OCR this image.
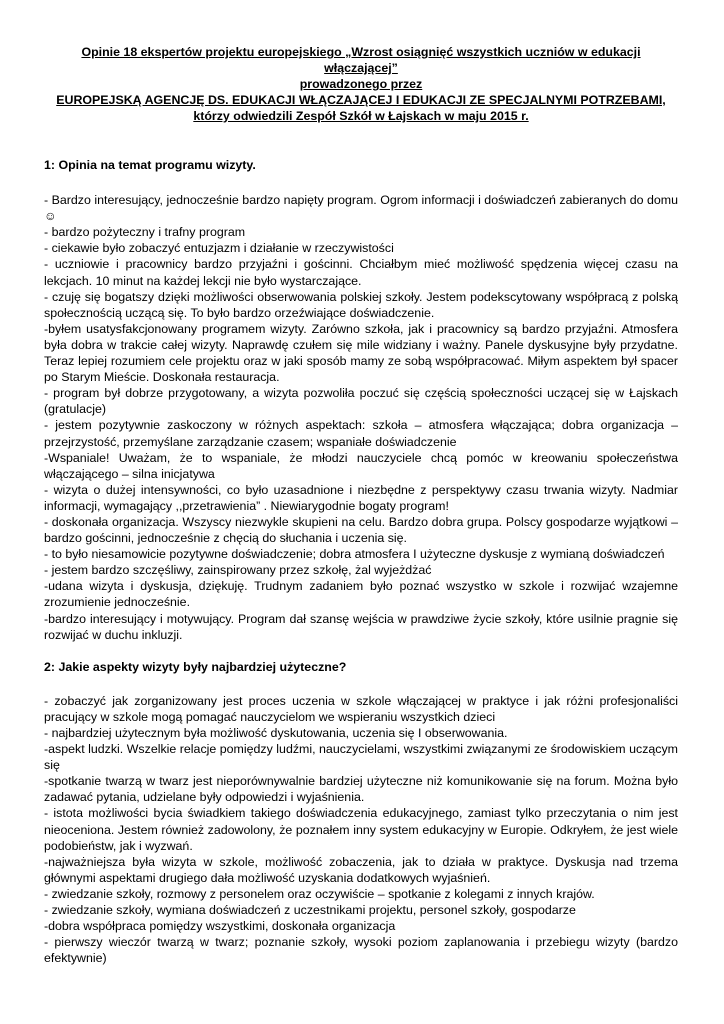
Opinie 18 ekspertów projektu europejskiego „Wzrost osiągnięć wszystkich uczniów w edukacji włączającej”
prowadzonego przez
EUROPEJSKĄ AGENCJĘ DS. EDUKACJI WŁĄCZAJĄCEJ I EDUKACJI ZE SPECJALNYMI POTRZEBAMI,
którzy odwiedzili Zespół Szkół w Łajskach w maju 2015 r.
1: Opinia na temat programu wizyty.

- Bardzo interesujący, jednocześnie bardzo napięty program. Ogrom informacji i doświadczeń zabieranych do domu ☺

- bardzo pożyteczny i trafny program

- ciekawie było zobaczyć entuzjazm i działanie w rzeczywistości

- uczniowie i pracownicy bardzo przyjaźni i gościnni. Chciałbym mieć możliwość spędzenia więcej czasu na lekcjach. 10 minut na każdej lekcji nie było wystarczające.

- czuję się bogatszy dzięki możliwości obserwowania polskiej szkoły. Jestem podekscytowany współpracą z polską społecznością uczącą się. To było bardzo orzeźwiające doświadczenie.

-byłem usatysfakcjonowany programem wizyty. Zarówno szkoła, jak i pracownicy są bardzo przyjaźni. Atmosfera była dobra w trakcie całej wizyty. Naprawdę czułem się mile widziany i ważny. Panele dyskusyjne były przydatne. Teraz lepiej rozumiem cele projektu oraz w jaki sposób mamy ze sobą współpracować. Miłym aspektem był spacer po Starym Mieście. Doskonała restauracja.

- program był dobrze przygotowany, a wizyta pozwoliła poczuć się częścią społeczności uczącej się w Łajskach (gratulacje)

- jestem pozytywnie zaskoczony w różnych aspektach: szkoła – atmosfera włączająca; dobra organizacja – przejrzystość, przemyślane zarządzanie czasem; wspaniałe doświadczenie

-Wspaniale! Uważam, że to wspaniale, że młodzi nauczyciele chcą pomóc w kreowaniu społeczeństwa włączającego – silna inicjatywa

- wizyta o dużej intensywności, co było uzasadnione i niezbędne z perspektywy czasu trwania wizyty. Nadmiar informacji, wymagający ,,przetrawienia” . Niewiarygodnie bogaty program!

- doskonała organizacja. Wszyscy niezwykle skupieni na celu. Bardzo dobra grupa. Polscy gospodarze wyjątkowi – bardzo gościnni, jednocześnie z chęcią do słuchania i uczenia się.

- to było niesamowicie pozytywne doświadczenie; dobra atmosfera I użyteczne dyskusje z wymianą doświadczeń

- jestem bardzo szczęśliwy, zainspirowany przez szkołę, żal wyjeżdżać

-udana wizyta i dyskusja, dziękuję. Trudnym zadaniem było poznać wszystko w szkole i rozwijać wzajemne zrozumienie jednocześnie.

-bardzo interesujący i motywujący. Program dał szansę wejścia w prawdziwe życie szkoły, które usilnie pragnie się rozwijać w duchu inkluzji.

2: Jakie aspekty wizyty były najbardziej użyteczne?

- zobaczyć jak zorganizowany jest proces uczenia w szkole włączającej w praktyce i jak różni profesjonaliści pracujący w szkole mogą pomagać nauczycielom we wspieraniu wszystkich dzieci

- najbardziej użytecznym była możliwość dyskutowania, uczenia się I obserwowania.

-aspekt ludzki. Wszelkie relacje pomiędzy ludźmi, nauczycielami, wszystkimi związanymi ze środowiskiem uczącym się

-spotkanie twarzą w twarz jest nieporównywalnie bardziej użyteczne niż komunikowanie się na forum. Można było zadawać pytania, udzielane były odpowiedzi i wyjaśnienia.

- istota możliwości bycia świadkiem takiego doświadczenia edukacyjnego, zamiast tylko przeczytania o nim jest nieoceniona. Jestem również zadowolony, że poznałem inny system edukacyjny w Europie. Odkryłem, że jest wiele podobieństw, jak i wyzwań.

-najważniejsza była wizyta w szkole, możliwość zobaczenia, jak to działa w praktyce. Dyskusja nad trzema głównymi aspektami drugiego dała możliwość uzyskania dodatkowych wyjaśnień.

- zwiedzanie szkoły, rozmowy z personelem oraz oczywiście – spotkanie z kolegami z innych krajów.

- zwiedzanie szkoły, wymiana doświadczeń z uczestnikami projektu, personel szkoły, gospodarze

-dobra współpraca pomiędzy wszystkimi, doskonała organizacja

- pierwszy wieczór twarzą w twarz; poznanie szkoły, wysoki poziom zaplanowania i przebiegu wizyty (bardzo efektywnie)
